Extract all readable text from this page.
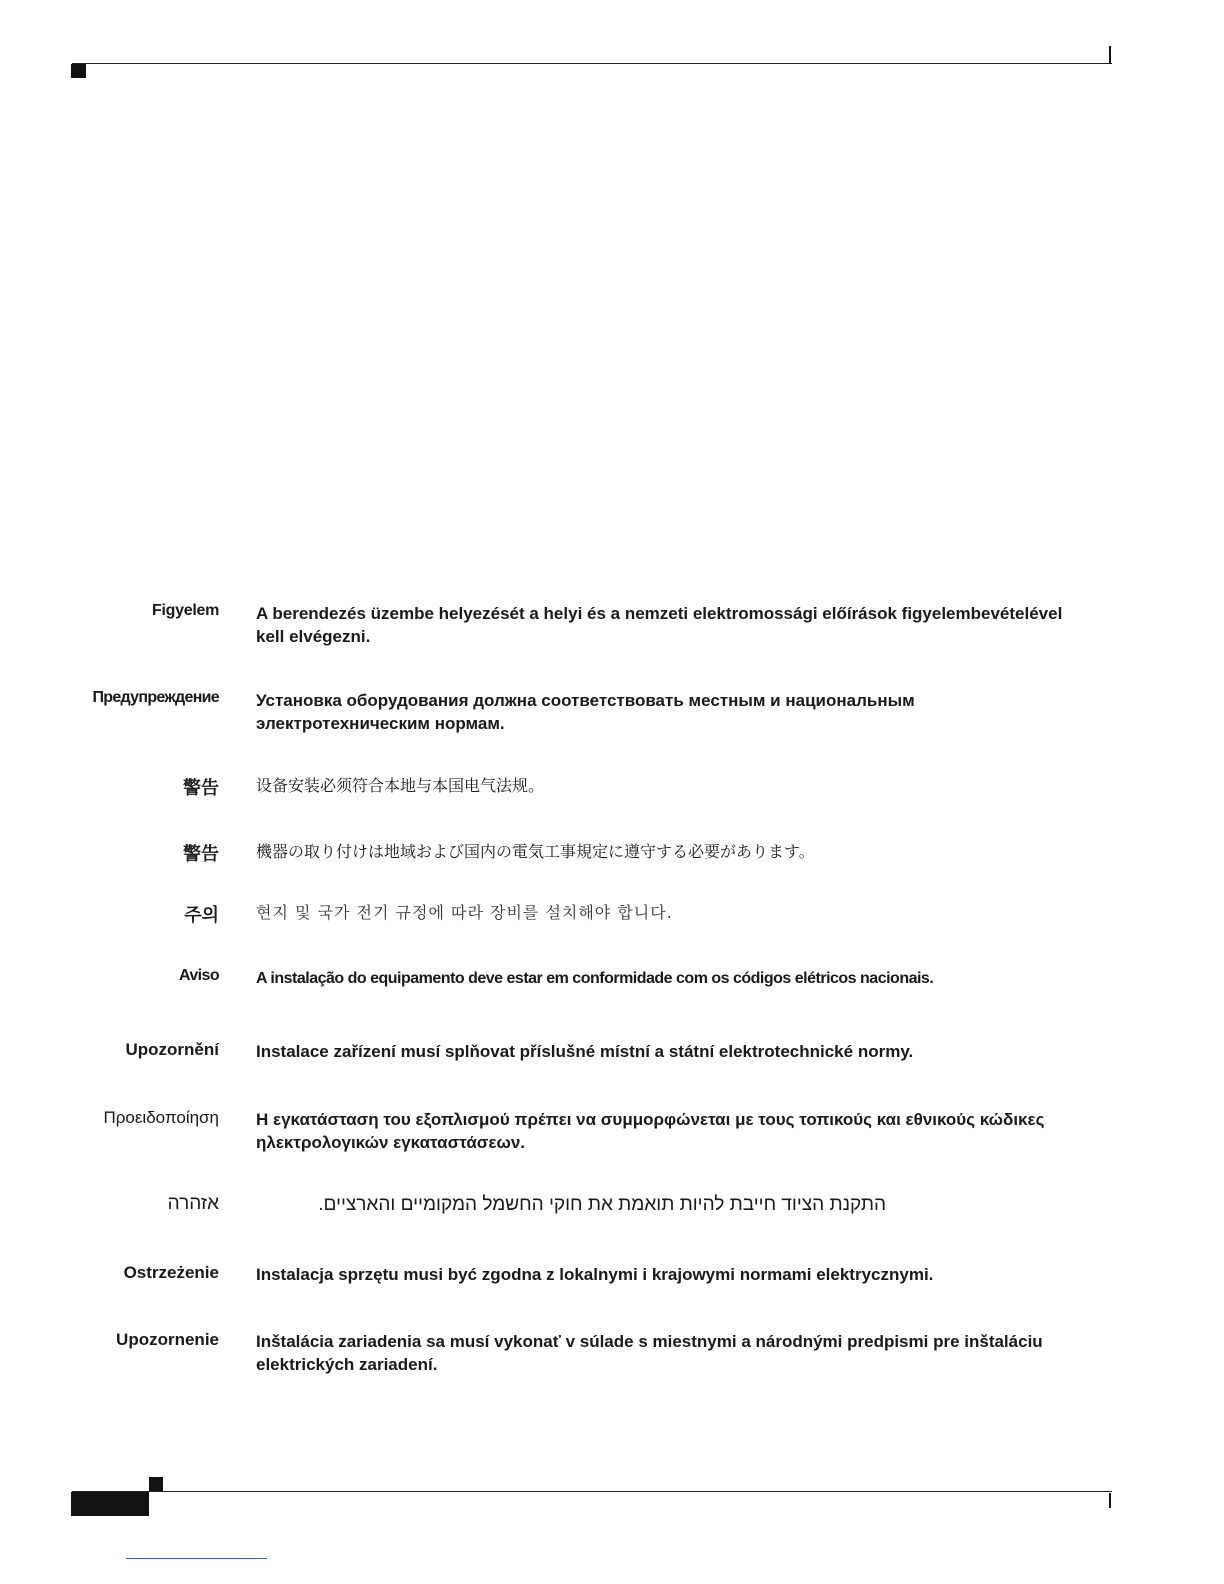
Figyelem A berendezés üzembe helyezését a helyi és a nemzeti elektromossági előírások figyelembevételével kell elvégezni.
Предупреждение Установка оборудования должна соответствовать местным и национальным электротехническим нормам.
警告 设备安装必须符合本地与本国电气法规。
警告 機器の取り付けは地域および国内の電気工事規定に遵守する必要があります。
주의 현지 및 국가 전기 규정에 따라 장비를 설치해야 합니다.
Aviso A instalação do equipamento deve estar em conformidade com os códigos elétricos nacionais.
Upozornění Instalace zařízení musí splňovat příslušné místní a státní elektrotechnické normy.
Προειδοποίηση Η εγκατάσταση του εξοπλισμού πρέπει να συμμορφώνεται με τους τοπικούς και εθνικούς κώδικες ηλεκτρολογικών εγκαταστάσεων.
אזהרה	התקנת הציוד חייבת להיות תואמת את חוקי החשמל המקומיים והארציים.
Ostrzeżenie Instalacja sprzętu musi być zgodna z lokalnymi i krajowymi normami elektrycznymi.
Upozornenie Inštalácia zariadenia sa musí vykonať v súlade s miestnymi a národnými predpismi pre inštaláciu elektrických zariadení.
